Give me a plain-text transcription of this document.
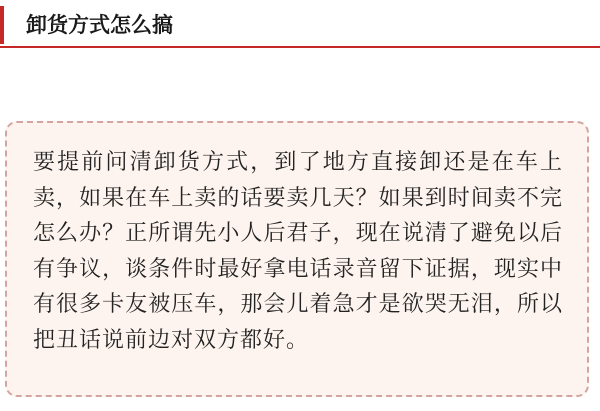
卸货方式怎么搞

要提前问清卸货方式，到了地方直接卸还是在车上卖，如果在车上卖的话要卖几天？如果到时间卖不完怎么办？正所谓先小人后君子，现在说清了避免以后有争议，谈条件时最好拿电话录音留下证据，现实中有很多卡友被压车，那会儿着急才是欲哭无泪，所以把丑话说前边对双方都好。
